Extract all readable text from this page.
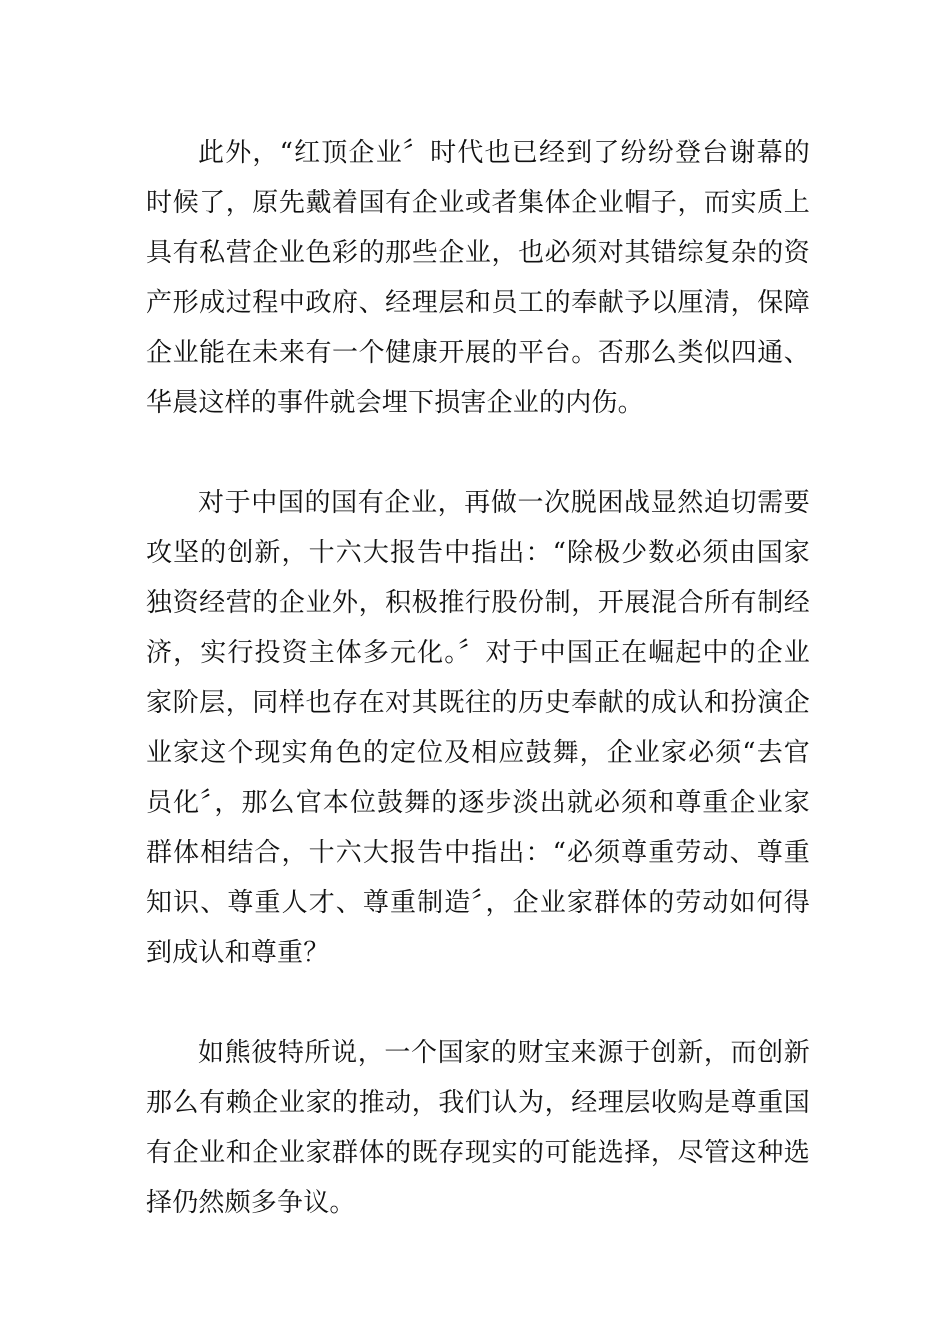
此外，“红顶企业〞时代也已经到了纷纷登台谢幕的时候了，原先戴着国有企业或者集体企业帽子，而实质上具有私营企业色彩的那些企业，也必须对其错综复杂的资产形成过程中政府、经理层和员工的奉献予以厘清，保障企业能在未来有一个健康开展的平台。否那么类似四通、华晨这样的事件就会埋下损害企业的内伤。

对于中国的国有企业，再做一次脱困战显然迫切需要攻坚的创新，十六大报告中指出：“除极少数必须由国家独资经营的企业外，积极推行股份制，开展混合所有制经济，实行投资主体多元化。〞对于中国正在崛起中的企业家阶层，同样也存在对其既往的历史奉献的成认和扮演企业家这个现实角色的定位及相应鼓舞，企业家必须“去官员化〞，那么官本位鼓舞的逐步淡出就必须和尊重企业家群体相结合，十六大报告中指出：“必须尊重劳动、尊重知识、尊重人才、尊重制造〞，企业家群体的劳动如何得到成认和尊重？

如熊彼特所说，一个国家的财宝来源于创新，而创新那么有赖企业家的推动，我们认为，经理层收购是尊重国有企业和企业家群体的既存现实的可能选择，尽管这种选择仍然颇多争议。
